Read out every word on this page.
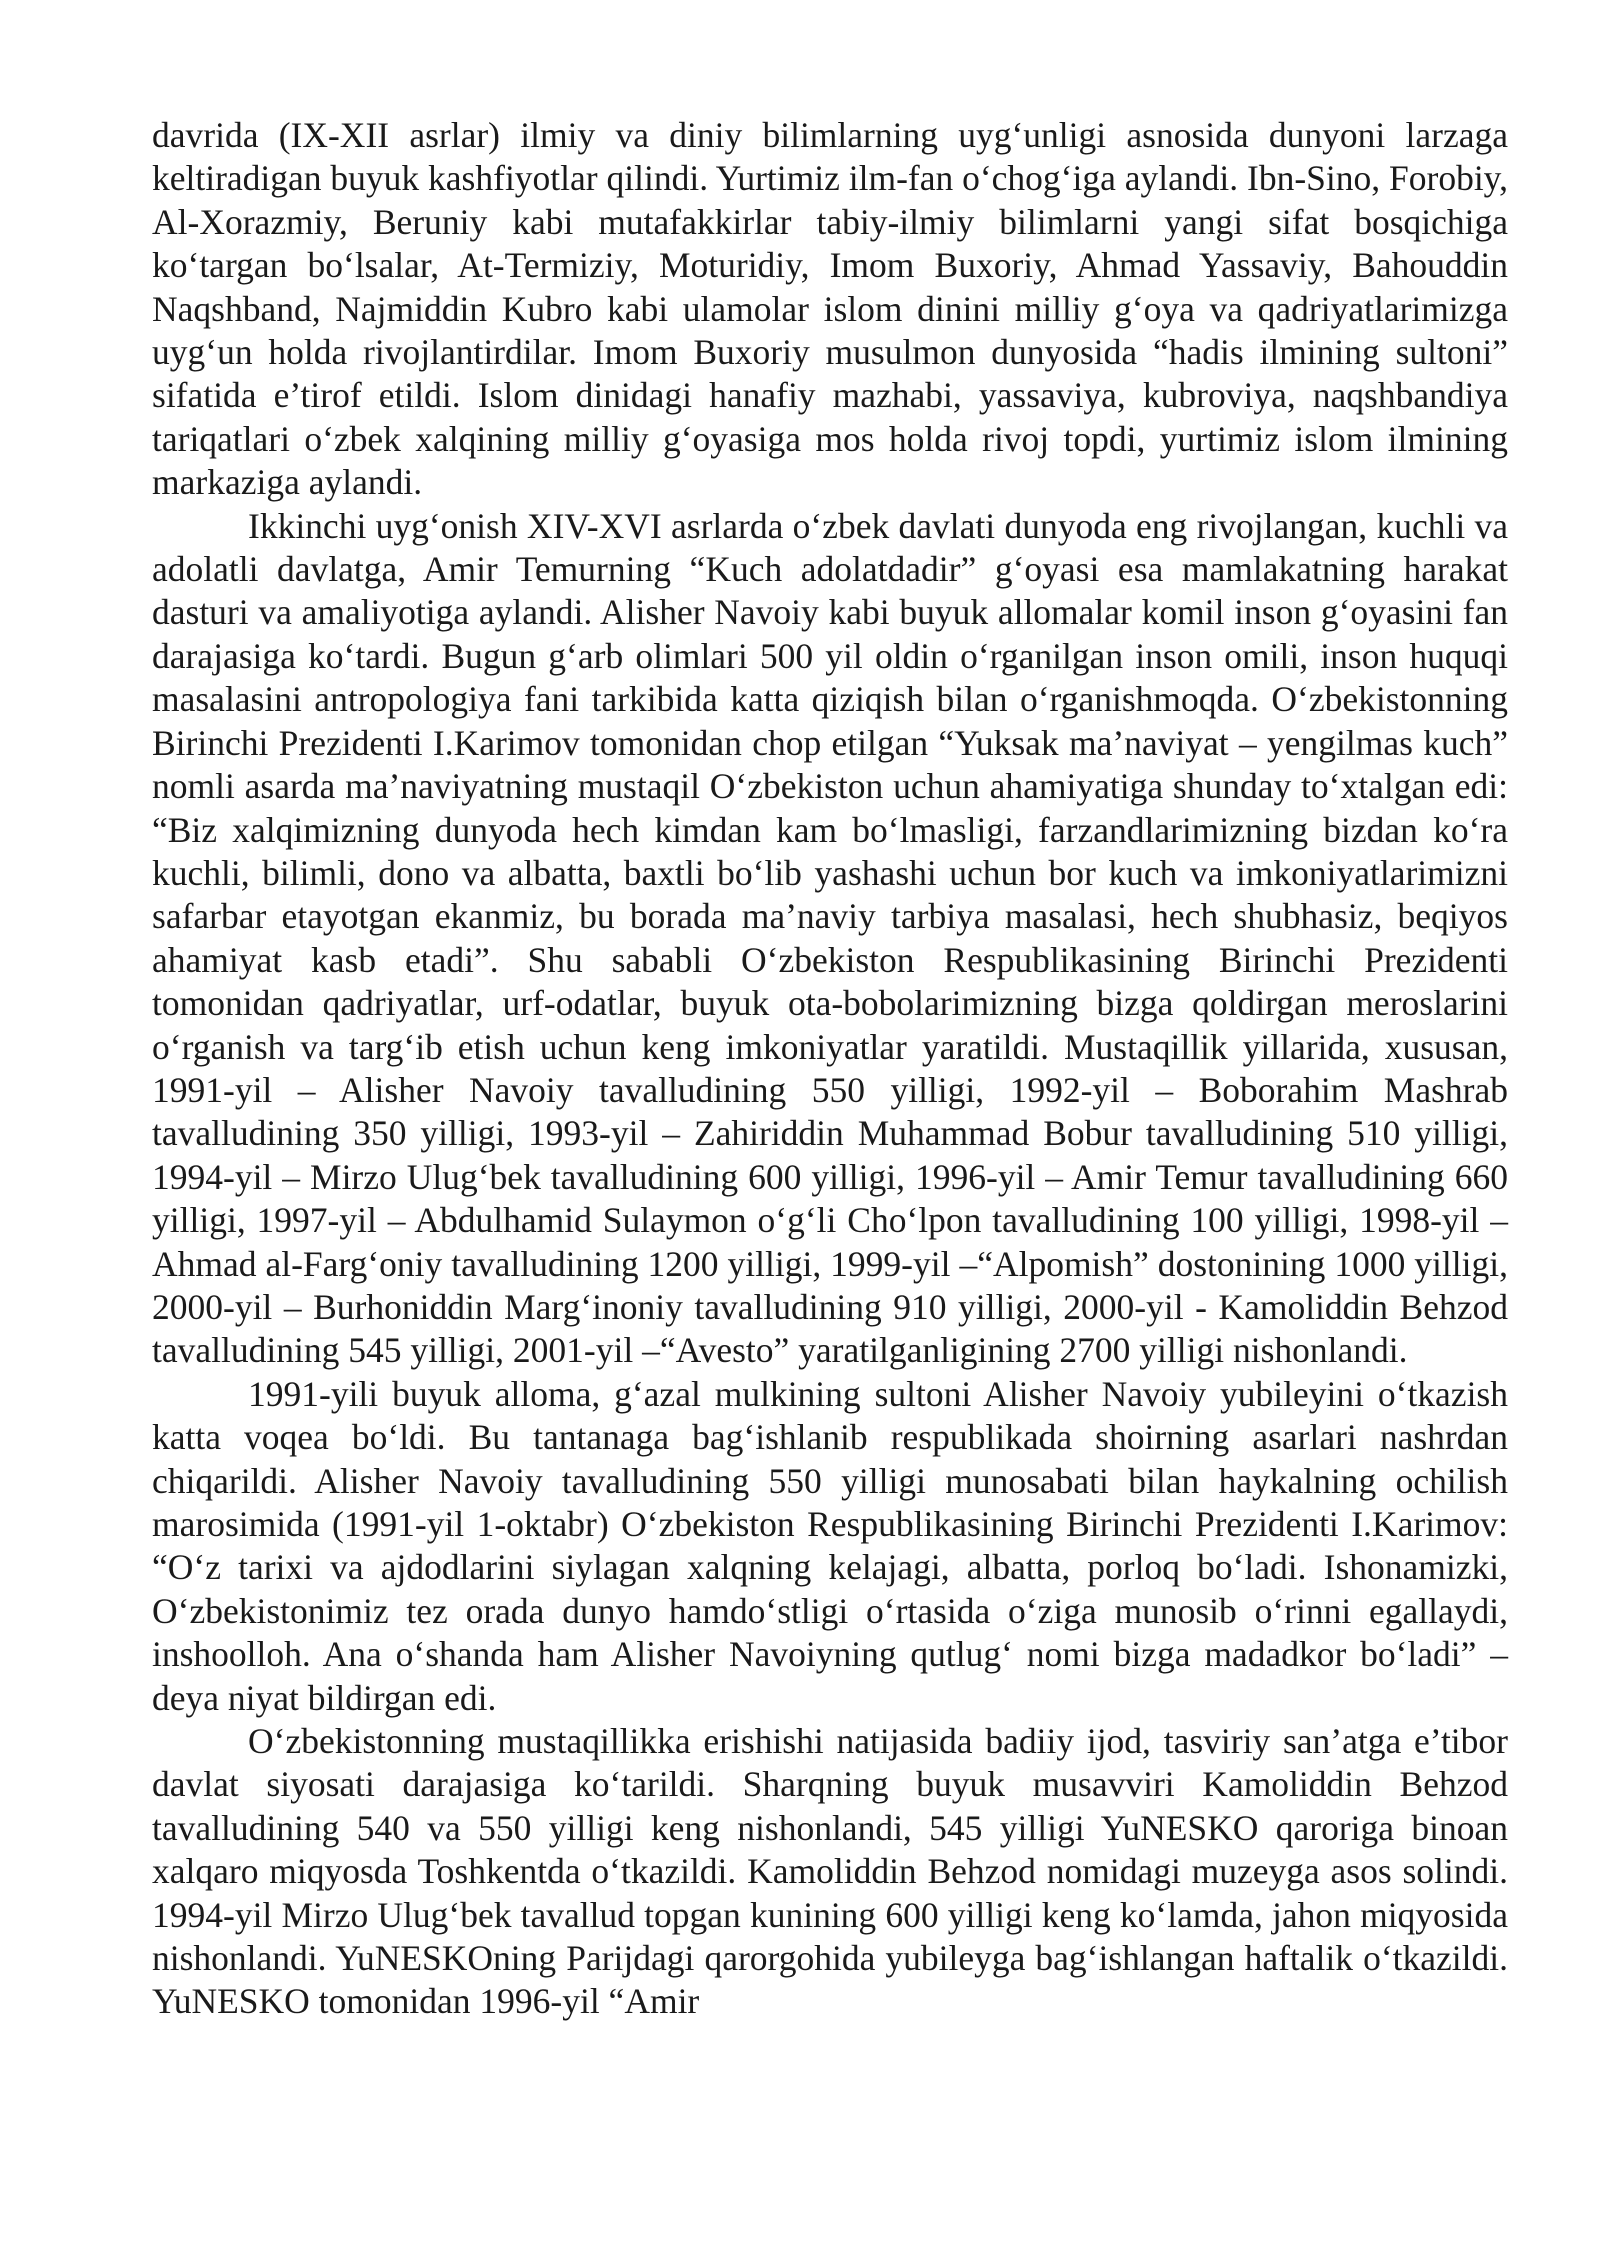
davrida (IX-XII asrlar) ilmiy va diniy bilimlarning uygʻunligi asnosida dunyoni larzaga keltiradigan buyuk kashfiyotlar qilindi. Yurtimiz ilm-fan oʻchogʻiga aylandi. Ibn-Sino, Forobiy, Al-Xorazmiy, Beruniy kabi mutafakkirlar tabiy-ilmiy bilimlarni yangi sifat bosqichiga koʻtargan boʻlsalar, At-Termiziy, Moturidiy, Imom Buxoriy, Ahmad Yassaviy, Bahouddin Naqshband, Najmiddin Kubro kabi ulamolar islom dinini milliy gʻoya va qadriyatlarimizga uygʻun holda rivojlantirdilar. Imom Buxoriy musulmon dunyosida “hadis ilmining sultoni” sifatida e’tirof etildi. Islom dinidagi hanafiy mazhabi, yassaviya, kubroviya, naqshbandiya tariqatlari oʻzbek xalqining milliy gʻoyasiga mos holda rivoj topdi, yurtimiz islom ilmining markaziga aylandi.

Ikkinchi uygʻonish XIV-XVI asrlarda oʻzbek davlati dunyoda eng rivojlangan, kuchli va adolatli davlatga, Amir Temurning “Kuch adolatdadir” gʻoyasi esa mamlakatning harakat dasturi va amaliyotiga aylandi. Alisher Navoiy kabi buyuk allomalar komil inson gʻoyasini fan darajasiga koʻtardi. Bugun gʻarb olimlari 500 yil oldin oʻrganilgan inson omili, inson huquqi masalasini antropologiya fani tarkibida katta qiziqish bilan oʻrganishmoqda. Oʻzbekistonning Birinchi Prezidenti I.Karimov tomonidan chop etilgan “Yuksak ma’naviyat – yengilmas kuch” nomli asarda ma’naviyatning mustaqil Oʻzbekiston uchun ahamiyatiga shunday toʻxtalgan edi: “Biz xalqimizning dunyoda hech kimdan kam boʻlmasligi, farzandlarimizning bizdan koʻra kuchli, bilimli, dono va albatta, baxtli boʻlib yashashi uchun bor kuch va imkoniyatlarimizni safarbar etayotgan ekanmiz, bu borada ma’naviy tarbiya masalasi, hech shubhasiz, beqiyos ahamiyat kasb etadi”. Shu sababli Oʻzbekiston Respublikasining Birinchi Prezidenti tomonidan qadriyatlar, urf-odatlar, buyuk ota-bobolarimizning bizga qoldirgan meroslarini oʻrganish va targʻib etish uchun keng imkoniyatlar yaratildi. Mustaqillik yillarida, xususan, 1991-yil – Alisher Navoiy tavalludining 550 yilligi, 1992-yil – Boborahim Mashrab tavalludining 350 yilligi, 1993-yil – Zahiriddin Muhammad Bobur tavalludining 510 yilligi, 1994-yil – Mirzo Ulugʻbek tavalludining 600 yilligi, 1996-yil – Amir Temur tavalludining 660 yilligi, 1997-yil – Abdulhamid Sulaymon oʻgʻli Choʻlpon tavalludining 100 yilligi, 1998-yil – Ahmad al-Fargʻoniy tavalludining 1200 yilligi, 1999-yil –“Alpomish” dostonining 1000 yilligi, 2000-yil – Burhoniddin Margʻinoniy tavalludining 910 yilligi, 2000-yil - Kamoliddin Behzod tavalludining 545 yilligi, 2001-yil –“Avesto” yaratilganligining 2700 yilligi nishonlandi.

1991-yili buyuk alloma, gʻazal mulkining sultoni Alisher Navoiy yubileyini oʻtkazish katta voqea boʻldi. Bu tantanaga bagʻishlanib respublikada shoirning asarlari nashrdan chiqarildi. Alisher Navoiy tavalludining 550 yilligi munosabati bilan haykalning ochilish marosimida (1991-yil 1-oktabr) Oʻzbekiston Respublikasining Birinchi Prezidenti I.Karimov: “Oʻz tarixi va ajdodlarini siylagan xalqning kelajagi, albatta, porloq boʻladi. Ishonamizki, Oʻzbekistonimiz tez orada dunyo hamdoʻstligi oʻrtasida oʻziga munosib oʻrinni egallaydi, inshoolloh. Ana oʻshanda ham Alisher Navoiyning qutlugʻ nomi bizga madadkor boʻladi” – deya niyat bildirgan edi.

Oʻzbekistonning mustaqillikka erishishi natijasida badiiy ijod, tasviriy san’atga e’tibor davlat siyosati darajasiga koʻtarildi. Sharqning buyuk musavviri Kamoliddin Behzod tavalludining 540 va 550 yilligi keng nishonlandi, 545 yilligi YuNESKO qaroriga binoan xalqaro miqyosda Toshkentda oʻtkazildi. Kamoliddin Behzod nomidagi muzeyga asos solindi. 1994-yil Mirzo Ulugʻbek tavallud topgan kunining 600 yilligi keng koʻlamda, jahon miqyosida nishonlandi. YuNESKOning Parijdagi qarorgohida yubileyga bagʻishlangan haftalik oʻtkazildi. YuNESKO tomonidan 1996-yil “Amir
